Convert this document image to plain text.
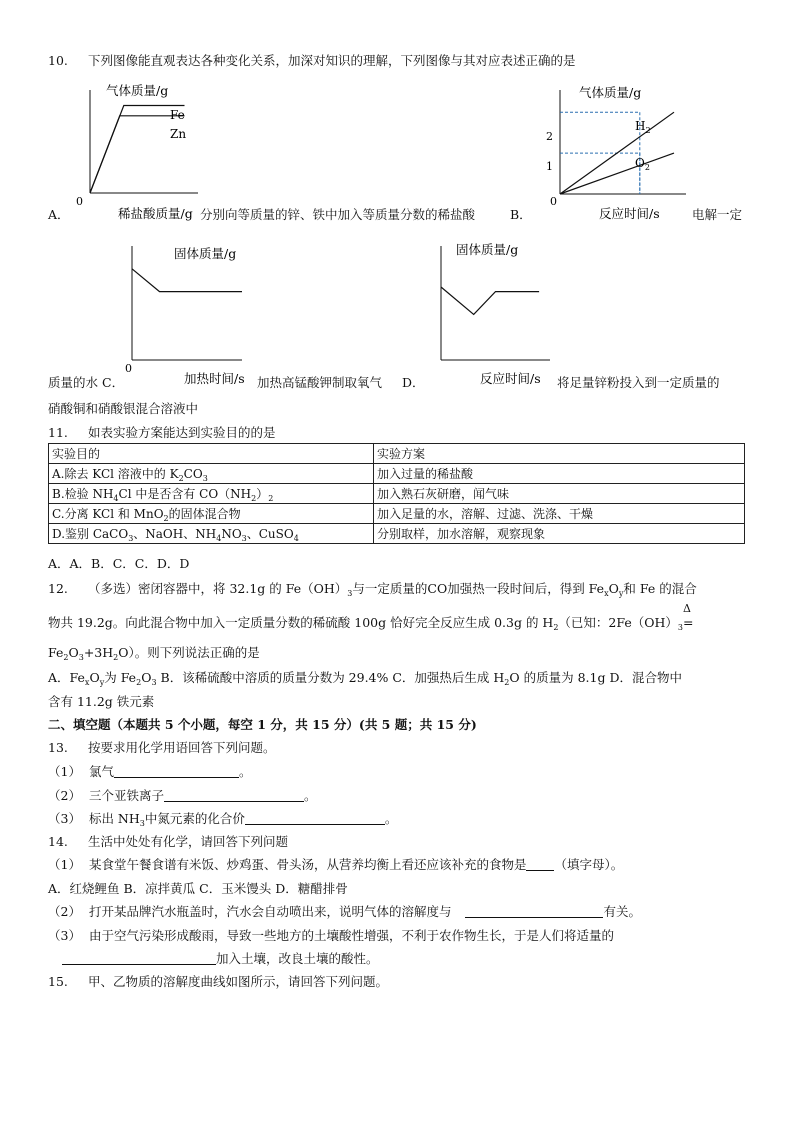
10. 下列图像能直观表达各种变化关系，加深对知识的理解，下列图像与其对应表述正确的是
气体质量/g
Fe
Zn
0
稀盐酸质量/g
气体质量/g
2
1
$H_2$
$O_2$
0
反应时间/s
A．	分别向等质量的锌、铁中加入等质量分数的稀盐酸	B．	电解一定
固体质量/g
0
加热时间/s
固体质量/g
反应时间/s
质量的水 C．	加热高锰酸钾制取氧气 D．	将足量锌粉投入到一定质量的
硝酸铜和硝酸银混合溶液中
11. 如表实验方案能达到实验目的的是
实验目的	实验方案
A.除去 KCl 溶液中的 $K_2CO_3$	加入过量的稀盐酸
B.检验 $NH_4Cl$ 中是否含有 $CO(NH_2)_2$	加入熟石灰研磨，闻气味
C.分离 KCl 和 MnO$_2$的固体混合物	加入足量的水，溶解、过滤、洗涤、干燥
D.鉴别 CaCO$_3$、NaOH、$NH_4NO_3$、CuSO$_4$	分别取样，加水溶解，观察现象
A．A．B．C．C．D．D
12. （多选）密闭容器中，将 32.1g 的 $Fe(OH)_3$与一定质量的CO加强热一段时间后，得到 $Fe_xO_y$和 Fe 的混合
物共 19.2g。向此混合物中加入一定质量分数的稀硫酸 100g 恰好完全反应生成 0.3g 的 $H_2$（已知：$2Fe(OH)_3$
Δ
=
$Fe_2O_3+3H_2O$）。则下列说法正确的是
A．$Fe_xO_y$为 $Fe_2O_3$ B．该稀硫酸中溶质的质量分数为 29.4% C．加强热后生成 $H_2O$ 的质量为 8.1g D．混合物中
含有 11.2g 铁元素
二、填空题（本题共 5 个小题，每空 1 分，共 15 分）(共 5 题；共 15 分)
13. 按要求用化学用语回答下列问题。
（1） 氯气	。
（2） 三个亚铁离子	。
（3） 标出 $NH_3$中氮元素的化合价	。
14. 生活中处处有化学，请回答下列问题
（1） 某食堂午餐食谱有米饭、炒鸡蛋、骨头汤，从营养均衡上看还应该补充的食物是 （填字母）。
A．红烧鲤鱼 B．凉拌黄瓜 C．玉米馒头 D．糖醋排骨
（2） 打开某品牌汽水瓶盖时，汽水会自动喷出来，说明气体的溶解度与	有关。
（3） 由于空气污染形成酸雨，导致一些地方的土壤酸性增强，不利于农作物生长，于是人们将适量的
加入土壤，改良土壤的酸性。
15. 甲、乙物质的溶解度曲线如图所示，请回答下列问题。
